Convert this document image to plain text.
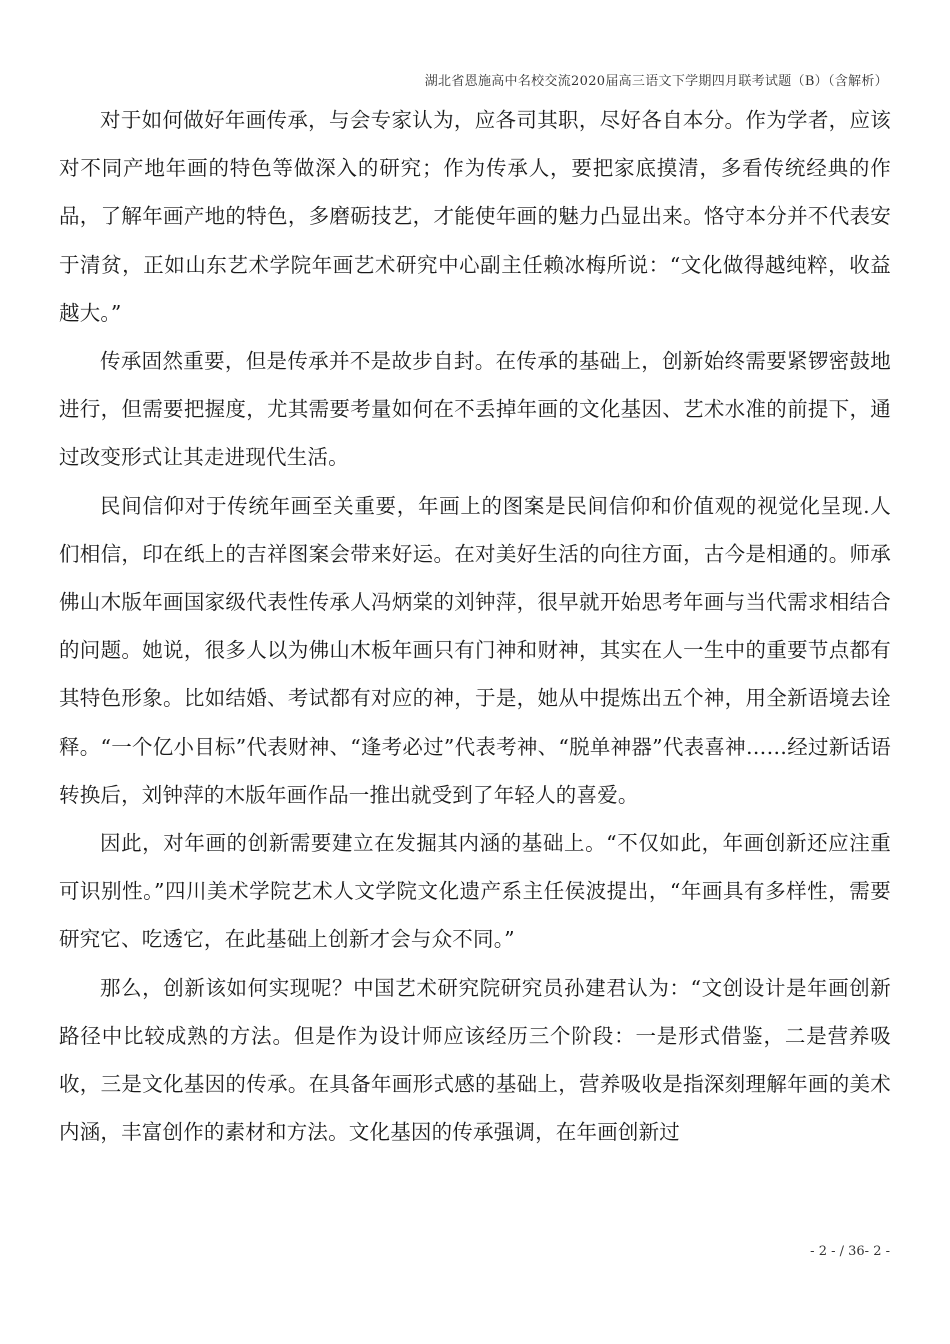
湖北省恩施高中名校交流2020届高三语文下学期四月联考试题（B）（含解析）

对于如何做好年画传承，与会专家认为，应各司其职，尽好各自本分。作为学者，应该对不同产地年画的特色等做深入的研究；作为传承人，要把家底摸清，多看传统经典的作品，了解年画产地的特色，多磨砺技艺，才能使年画的魅力凸显出来。恪守本分并不代表安于清贫，正如山东艺术学院年画艺术研究中心副主任赖冰梅所说：“文化做得越纯粹，收益越大。”

传承固然重要，但是传承并不是故步自封。在传承的基础上，创新始终需要紧锣密鼓地进行，但需要把握度，尤其需要考量如何在不丢掉年画的文化基因、艺术水准的前提下，通过改变形式让其走进现代生活。

民间信仰对于传统年画至关重要，年画上的图案是民间信仰和价值观的视觉化呈现.人们相信，印在纸上的吉祥图案会带来好运。在对美好生活的向往方面，古今是相通的。师承佛山木版年画国家级代表性传承人冯炳棠的刘钟萍，很早就开始思考年画与当代需求相结合的问题。她说，很多人以为佛山木板年画只有门神和财神，其实在人一生中的重要节点都有其特色形象。比如结婚、考试都有对应的神，于是，她从中提炼出五个神，用全新语境去诠释。“一个亿小目标”代表财神、“逢考必过”代表考神、“脱单神器”代表喜神……经过新话语转换后，刘钟萍的木版年画作品一推出就受到了年轻人的喜爱。

因此，对年画的创新需要建立在发掘其内涵的基础上。“不仅如此，年画创新还应注重可识别性。”四川美术学院艺术人文学院文化遗产系主任侯波提出，“年画具有多样性，需要研究它、吃透它，在此基础上创新才会与众不同。”

那么，创新该如何实现呢？中国艺术研究院研究员孙建君认为：“文创设计是年画创新路径中比较成熟的方法。但是作为设计师应该经历三个阶段：一是形式借鉴，二是营养吸收，三是文化基因的传承。在具备年画形式感的基础上，营养吸收是指深刻理解年画的美术内涵，丰富创作的素材和方法。文化基因的传承强调，在年画创新过

- 2 - / 36- 2 -
